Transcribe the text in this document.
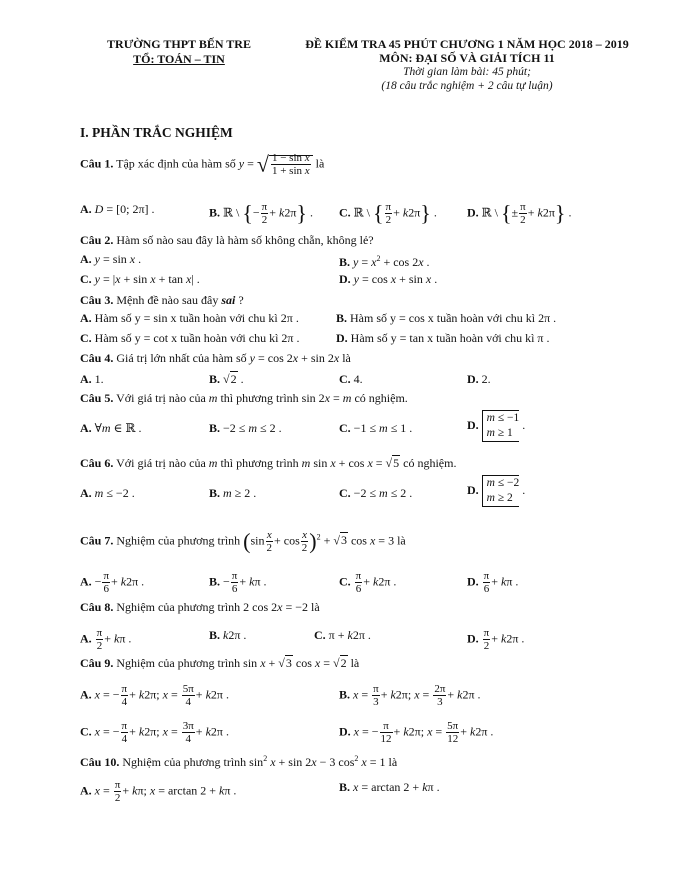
TRƯỜNG THPT BẾN TRE
TỔ: TOÁN – TIN
ĐỀ KIỂM TRA 45 PHÚT CHƯƠNG 1 NĂM HỌC 2018 – 2019
MÔN: ĐẠI SỐ VÀ GIẢI TÍCH 11
Thời gian làm bài: 45 phút;
(18 câu trắc nghiệm + 2 câu tự luận)
I. PHẦN TRẮC NGHIỆM
Câu 1. Tập xác định của hàm số y = √ $\frac{\text{1 − sin x}}{\text{1 + sin x}}$ là
A. D = [0; 2π] .	B. ℝ \ {− $\frac{\pi}{2} + k2\pi$} . C. ℝ \ { $\frac{\pi}{2} + k2\pi$} .	D. ℝ \ {± $\frac{\pi}{2} + k2\pi$} .
Câu 2. Hàm số nào sau đây là hàm số không chẵn, không lẻ?
A. y = sin x .	B. $y = x^2 + \cos 2x$ .
C. y = |x + sin x + tan x| .	D. y = cos x + sin x .
Câu 3. Mệnh đề nào sau đây sai ?
A. Hàm số y = sin x tuần hoàn với chu kì 2π .	B. Hàm số y = cos x tuần hoàn với chu kì 2π .
C. Hàm số y = cot x tuần hoàn với chu kì 2π .	D. Hàm số y = tan x tuần hoàn với chu kì π .
Câu 4. Giá trị lớn nhất của hàm số y = cos 2x + sin 2x là
A. 1.	B. √2 .	C. 4.	D. 2.
Câu 5. Với giá trị nào của m thì phương trình sin 2x = m có nghiệm.
A. ∀m ∈ ℝ .	B. −2 ≤ m ≤ 2 .	C. −1 ≤ m ≤ 1 .	D. m ≤ −1
m ≥ 1 .
Câu 6. Với giá trị nào của m thì phương trình m sin x + cos x = √5 có nghiệm.
A. m ≤ −2 .	B. m ≥ 2 .	C. −2 ≤ m ≤ 2 .	D. m ≤ −2
m ≥ 2 .
Câu 7. Nghiệm của phương trình $(\sin \frac{x}{2} + \cos \frac{x}{2} )^2 + √3$ cos x = 3 là
A. − $\frac{\pi}{6} + k2\pi$ .	B. − $\frac{\pi}{6} + k\pi$ .	C. $\frac{\pi}{6} + k2\pi$ .	D. $\frac{\pi}{6} + k\pi$ .
Câu 8. Nghiệm của phương trình 2 cos 2x = −2 là
A. $\frac{\pi}{2} + k\pi$ .	B. k2π .	C. π + k2π .	D. $\frac{\pi}{2} + k2\pi$ .
Câu 9. Nghiệm của phương trình sin x + √3 cos x = √2 là
A. x = − $\frac{\pi}{4} + k2\pi$; $x = \frac{5\pi}{4} + k2\pi$ .	B. $x = \frac{\pi}{3} + k2\pi$; $x = \frac{2\pi}{3} + k2\pi$ .
C. x = − $\frac{\pi}{4} + k2\pi$; $x = \frac{3\pi}{4} + k2\pi$ .	D. x = − $\frac{\pi}{12} + k2\pi$; $x = \frac{5\pi}{12} + k2\pi$ .
Câu 10. Nghiệm của phương trình $\sin^2 x + \sin 2x - 3$ $\cos^2 x = 1$ là
A. $x = \frac{\pi}{2} + k\pi$; x = arctan 2 + kπ .	B. x = arctan 2 + kπ .
